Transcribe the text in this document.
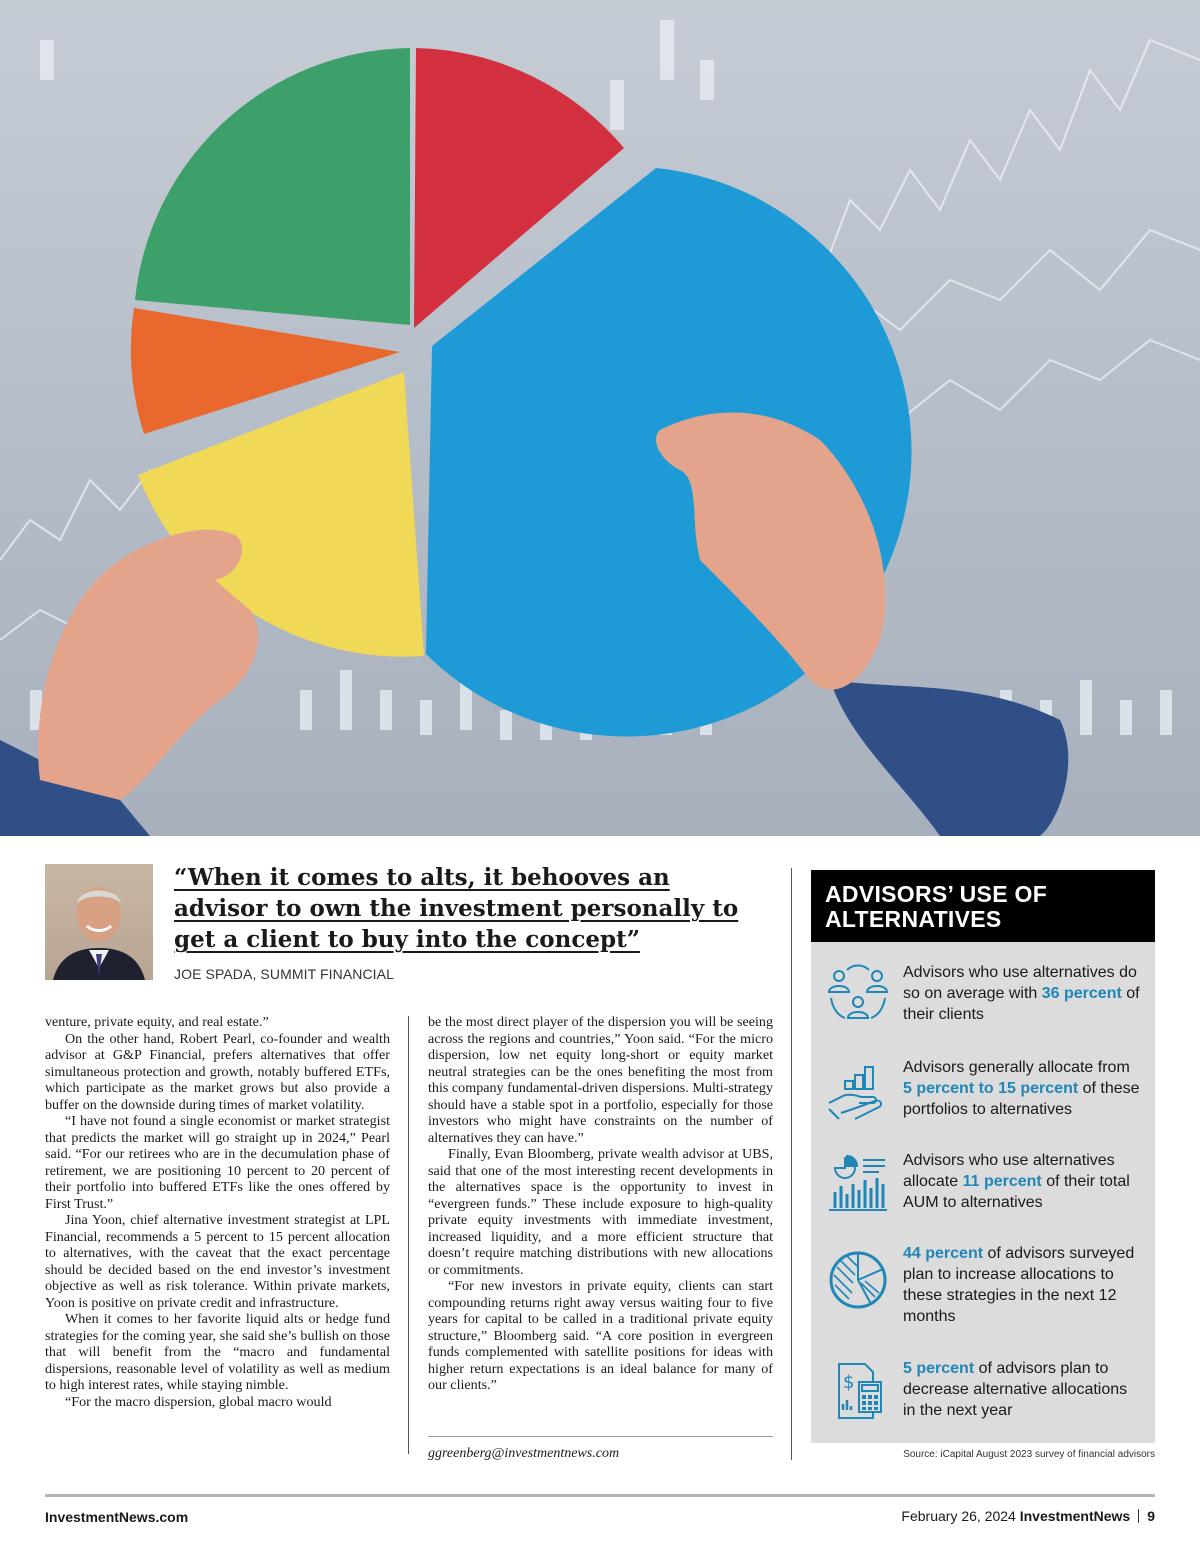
“When it comes to alts, it behooves an advisor to own the investment personally to get a client to buy into the concept”
JOE SPADA, SUMMIT FINANCIAL

venture, private equity, and real estate.”

On the other hand, Robert Pearl, co-founder and wealth advisor at G&P Financial, prefers alternatives that offer simultaneous protection and growth, notably buffered ETFs, which participate as the market grows but also provide a buffer on the downside during times of market volatility.

“I have not found a single economist or market strategist that predicts the market will go straight up in 2024,” Pearl said. “For our retirees who are in the decumulation phase of retirement, we are positioning 10 percent to 20 percent of their portfolio into buffered ETFs like the ones offered by First Trust.”

Jina Yoon, chief alternative investment strategist at LPL Financial, recommends a 5 percent to 15 percent allocation to alternatives, with the caveat that the exact percentage should be decided based on the end investor’s investment objective as well as risk tolerance. Within private markets, Yoon is positive on private credit and infrastructure.

When it comes to her favorite liquid alts or hedge fund strategies for the coming year, she said she’s bullish on those that will benefit from the “macro and fundamental dispersions, reasonable level of volatility as well as medium to high interest rates, while staying nimble.

“For the macro dispersion, global macro would

be the most direct player of the dispersion you will be seeing across the regions and countries,” Yoon said. “For the micro dispersion, low net equity long-short or equity market neutral strategies can be the ones benefiting the most from this company fundamental-driven dispersions. Multi-strategy should have a stable spot in a portfolio, especially for those investors who might have constraints on the number of alternatives they can have.”

Finally, Evan Bloomberg, private wealth advisor at UBS, said that one of the most interesting recent developments in the alternatives space is the opportunity to invest in “evergreen funds.” These include exposure to high-quality private equity investments with immediate investment, increased liquidity, and a more efficient structure that doesn’t require matching distributions with new allocations or commitments.

“For new investors in private equity, clients can start compounding returns right away versus waiting four to five years for capital to be called in a traditional private equity structure,” Bloomberg said. “A core position in evergreen funds complemented with satellite positions for ideas with higher return expectations is an ideal balance for many of our clients.”

ggreenberg@investmentnews.com
ADVISORS’ USE OF ALTERNATIVES
Advisors who use alternatives do so on average with 36 percent of their clients
Advisors generally allocate from 5 percent to 15 percent of these portfolios to alternatives
Advisors who use alternatives allocate 11 percent of their total AUM to alternatives
44 percent of advisors surveyed plan to increase allocations to these strategies in the next 12 months
$
5 percent of advisors plan to decrease alternative allocations in the next year
Source: iCapital August 2023 survey of financial advisors
InvestmentNews.com	February 26, 2024 InvestmentNews 9
